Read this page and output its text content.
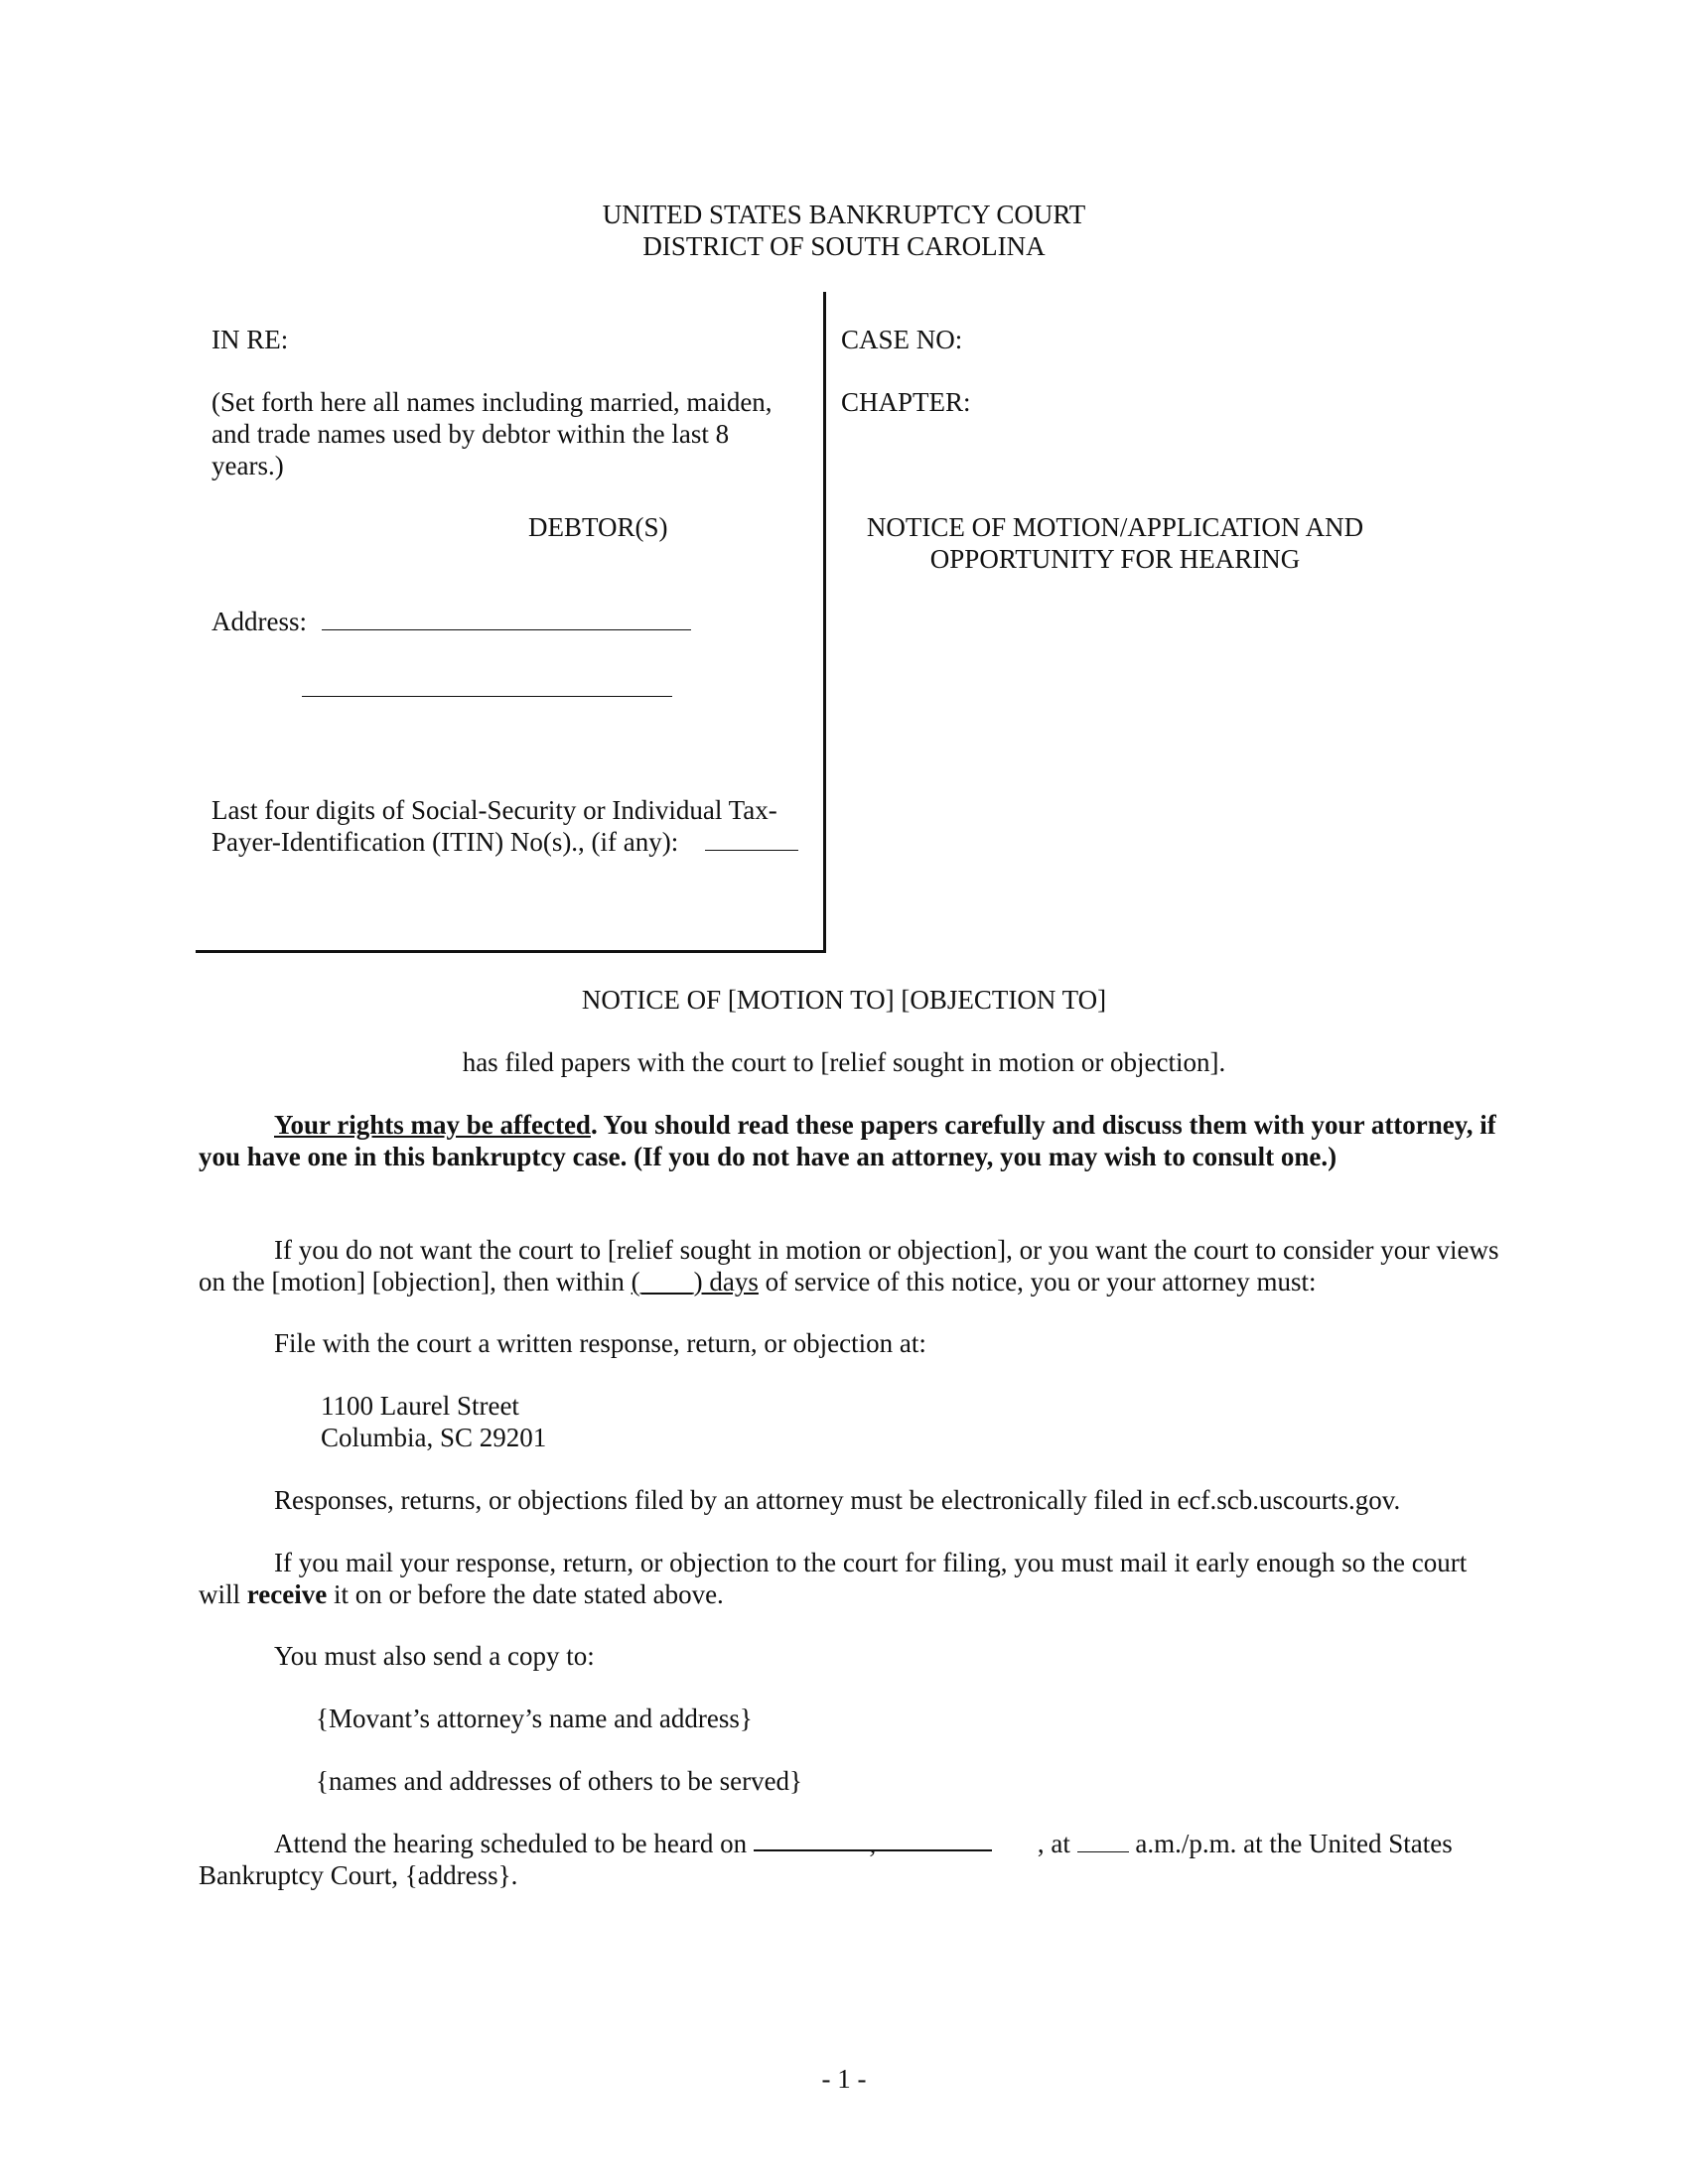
UNITED STATES BANKRUPTCY COURT
DISTRICT OF SOUTH CAROLINA
IN RE:
(Set forth here all names including married, maiden, and trade names used by debtor within the last 8 years.)
DEBTOR(S)
Address:
Last four digits of Social-Security or Individual Tax-Payer-Identification (ITIN) No(s)., (if any):
CASE NO:
CHAPTER:
NOTICE OF MOTION/APPLICATION AND
OPPORTUNITY FOR HEARING
NOTICE OF [MOTION TO] [OBJECTION TO]
has filed papers with the court to [relief sought in motion or objection].
Your rights may be affected. You should read these papers carefully and discuss them with your attorney, if you have one in this bankruptcy case. (If you do not have an attorney, you may wish to consult one.)
If you do not want the court to [relief sought in motion or objection], or you want the court to consider your views on the [motion] [objection], then within (____) days of service of this notice, you or your attorney must:
File with the court a written response, return, or objection at:
1100 Laurel Street
Columbia, SC 29201
Responses, returns, or objections filed by an attorney must be electronically filed in ecf.scb.uscourts.gov.
If you mail your response, return, or objection to the court for filing, you must mail it early enough so the court will receive it on or before the date stated above.
You must also send a copy to:
{Movant’s attorney’s name and address}
{names and addresses of others to be served}
Attend the hearing scheduled to be heard on	,	, at  a.m./p.m. at the United States Bankruptcy Court, {address}.
- 1 -
